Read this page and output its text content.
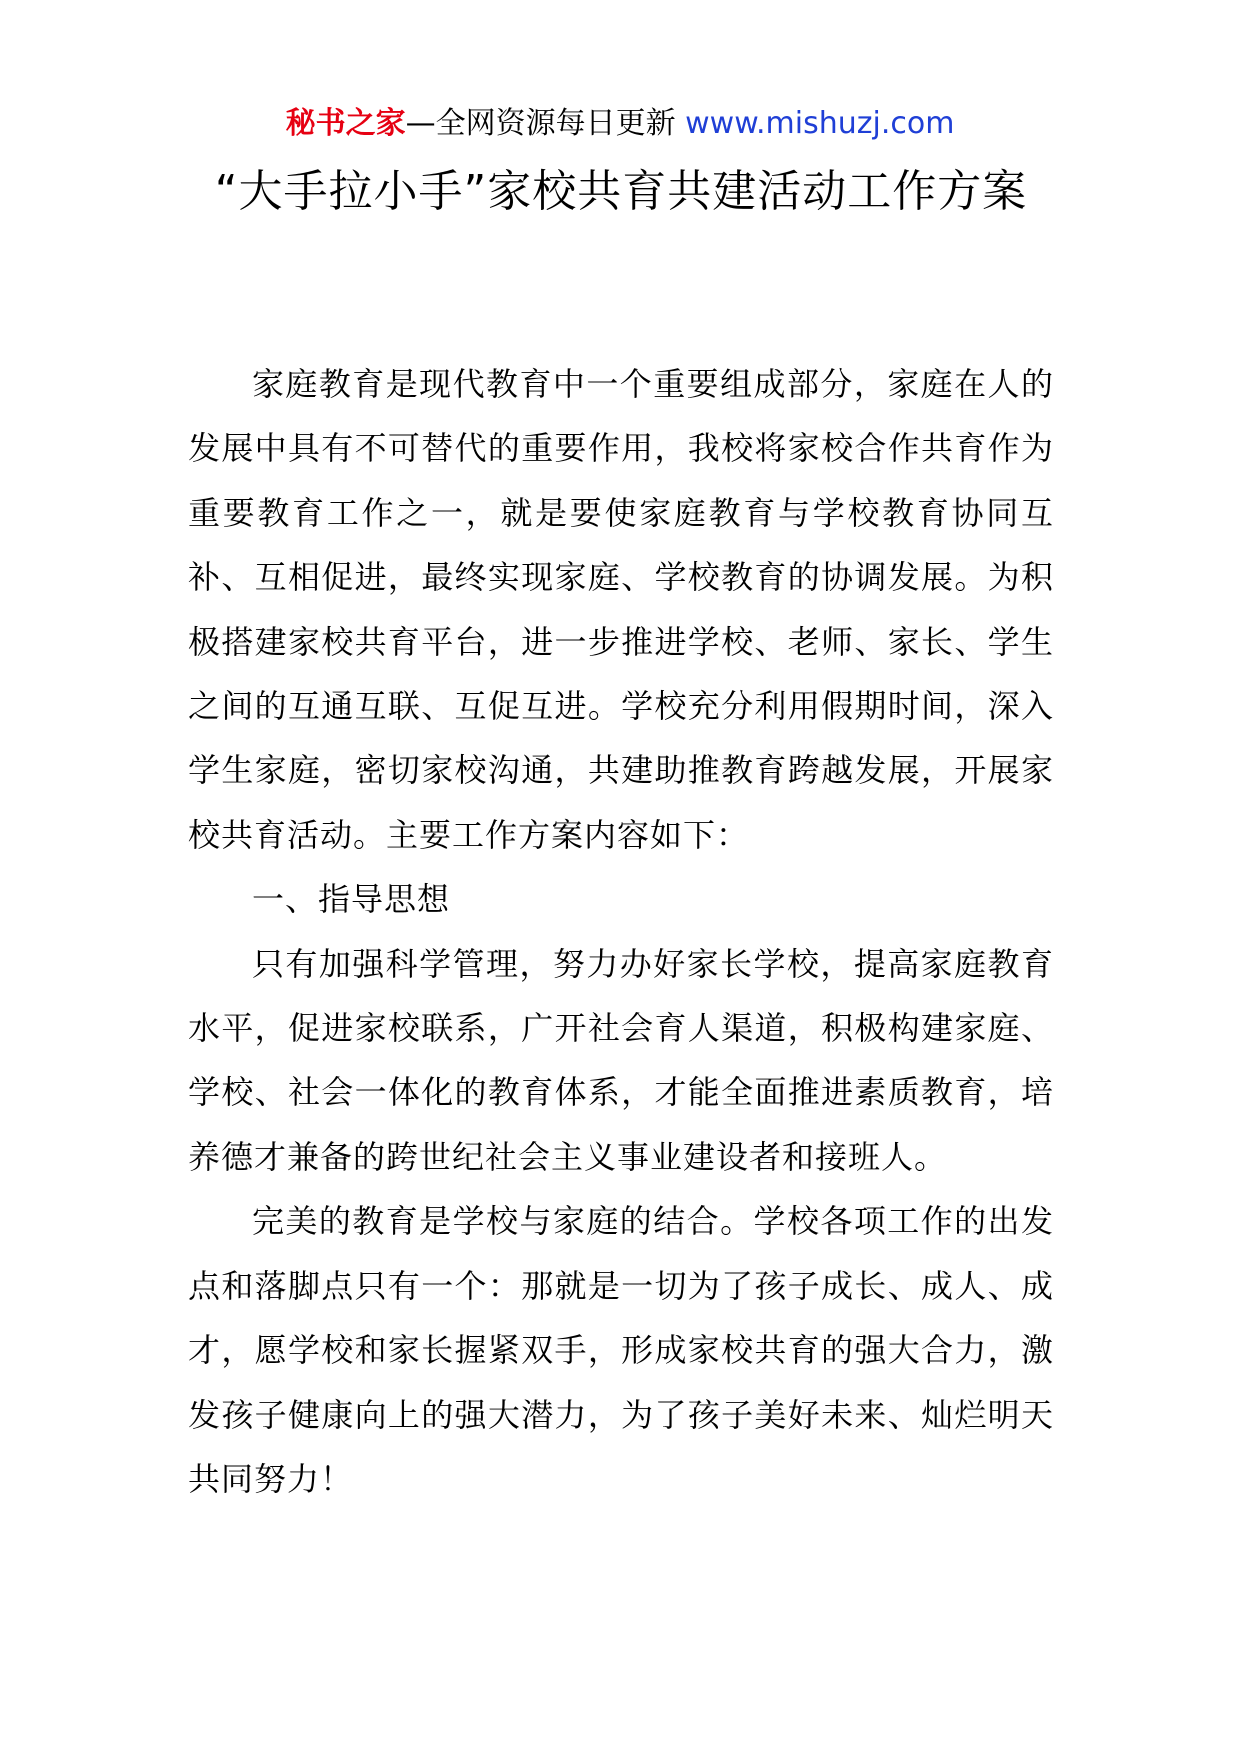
秘书之家—全网资源每日更新 www.mishuzj.com
“大手拉小手”家校共育共建活动工作方案

家庭教育是现代教育中一个重要组成部分，家庭在人的发展中具有不可替代的重要作用，我校将家校合作共育作为重要教育工作之一，就是要使家庭教育与学校教育协同互补、互相促进，最终实现家庭、学校教育的协调发展。为积极搭建家校共育平台，进一步推进学校、老师、家长、学生之间的互通互联、互促互进。学校充分利用假期时间，深入学生家庭，密切家校沟通，共建助推教育跨越发展，开展家校共育活动。主要工作方案内容如下：

一、指导思想

只有加强科学管理，努力办好家长学校，提高家庭教育水平，促进家校联系，广开社会育人渠道，积极构建家庭、学校、社会一体化的教育体系，才能全面推进素质教育，培养德才兼备的跨世纪社会主义事业建设者和接班人。

完美的教育是学校与家庭的结合。学校各项工作的出发点和落脚点只有一个：那就是一切为了孩子成长、成人、成才，愿学校和家长握紧双手，形成家校共育的强大合力，激发孩子健康向上的强大潜力，为了孩子美好未来、灿烂明天共同努力！
